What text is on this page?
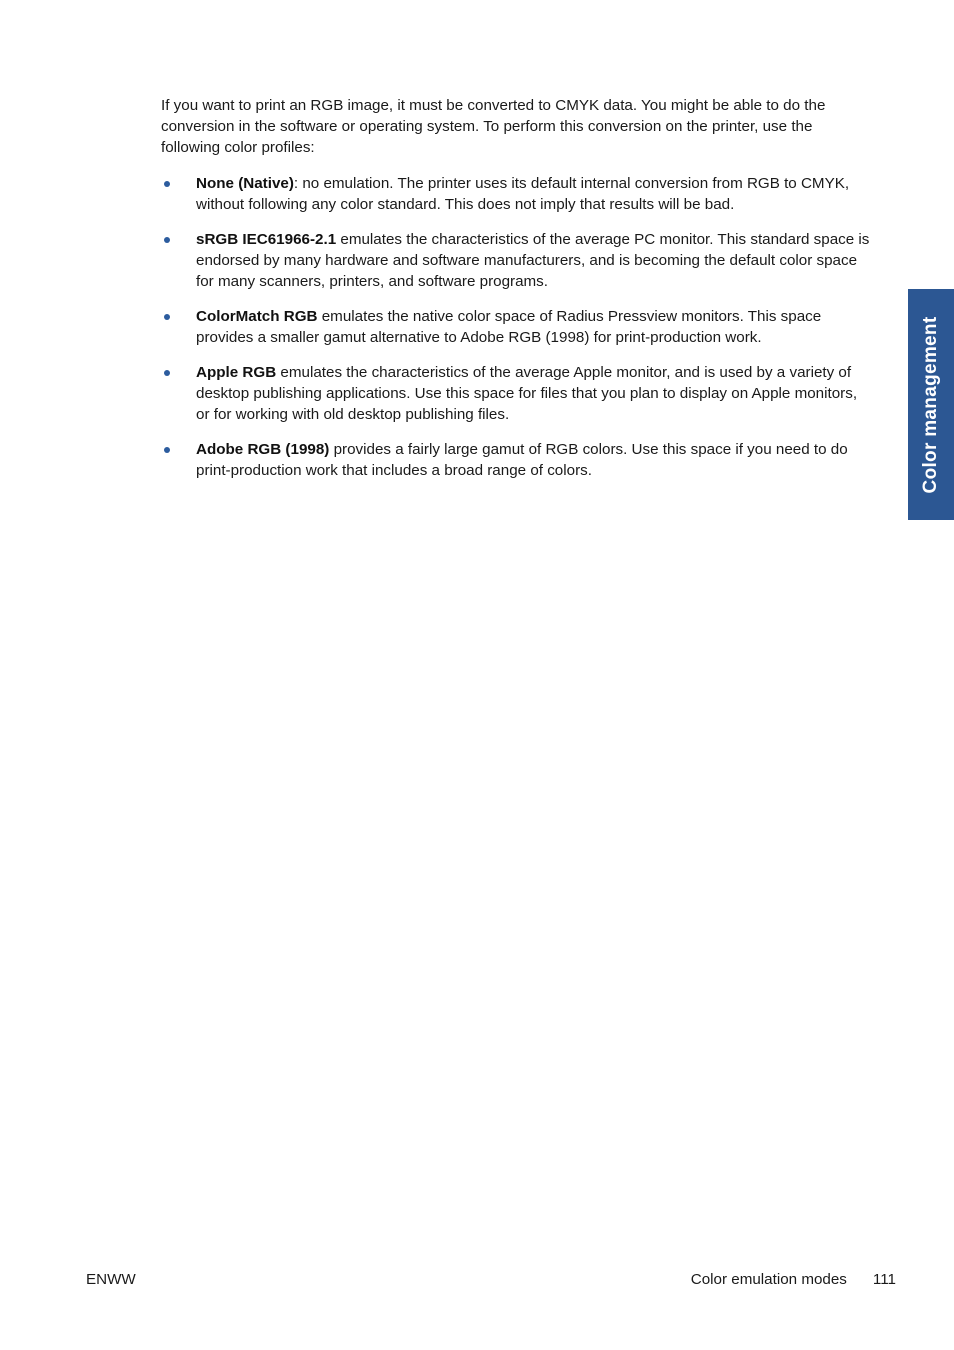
If you want to print an RGB image, it must be converted to CMYK data. You might be able to do the conversion in the software or operating system. To perform this conversion on the printer, use the following color profiles:

None (Native): no emulation. The printer uses its default internal conversion from RGB to CMYK, without following any color standard. This does not imply that results will be bad.
sRGB IEC61966-2.1 emulates the characteristics of the average PC monitor. This standard space is endorsed by many hardware and software manufacturers, and is becoming the default color space for many scanners, printers, and software programs.
ColorMatch RGB emulates the native color space of Radius Pressview monitors. This space provides a smaller gamut alternative to Adobe RGB (1998) for print-production work.
Apple RGB emulates the characteristics of the average Apple monitor, and is used by a variety of desktop publishing applications. Use this space for files that you plan to display on Apple monitors, or for working with old desktop publishing files.
Adobe RGB (1998) provides a fairly large gamut of RGB colors. Use this space if you need to do print-production work that includes a broad range of colors.	Color management
ENWW	Color emulation modes 111
